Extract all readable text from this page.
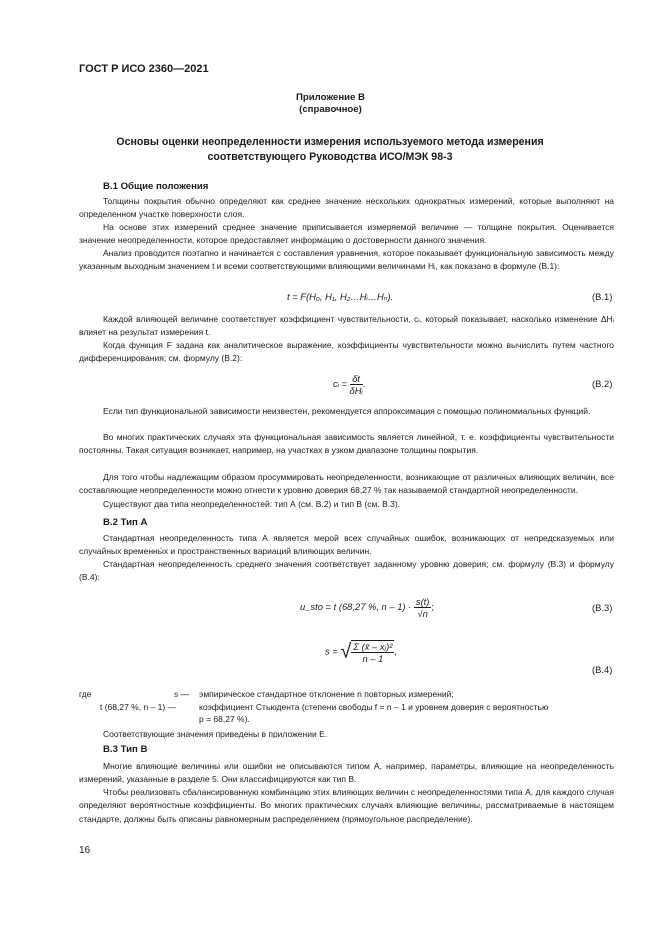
ГОСТ Р ИСО 2360—2021
Приложение В
(справочное)
Основы оценки неопределенности измерения используемого метода измерения
соответствующего Руководства ИСО/МЭК 98-3
В.1 Общие положения

Толщины покрытия обычно определяют как среднее значение нескольких однократных измерений, которые выполняют на определенном участке поверхности слоя.

На основе этих измерений среднее значение приписывается измеряемой величине — толщине покрытия. Оценивается значение неопределенности, которое предоставляет информацию о достоверности данного значения.

Анализ проводится поэтапно и начинается с составления уравнения, которое показывает функциональную зависимость между указанным выходным значением t и всеми соответствующими влияющими величинами Hᵢ, как показано в формуле (В.1):

t = F(H₀, H₁, H₂…Hᵢ…Hₙ).	(В.1)

Каждой влияющей величине соответствует коэффициент чувствительности, cᵢ, который показывает, насколько изменение ΔHᵢ влияет на результат измерения t.

Когда функция F задана как аналитическое выражение, коэффициенты чувствительности можно вычислить путем частного дифференцирования; см. формулу (В.2):

cᵢ = $\frac{\delta t}{\text{δHᵢ}}$ .	(В.2)

Если тип функциональной зависимости неизвестен, рекомендуется аппроксимация с помощью полиномиальных функций.

Во многих практических случаях эта функциональная зависимость является линейной, т. е. коэффициенты чувствительности постоянны. Такая ситуация возникает, например, на участках в узком диапазоне толщины покрытия.

Для того чтобы надлежащим образом просуммировать неопределенности, возникающие от различных влияющих величин, все составляющие неопределенности можно отнести к уровню доверия 68,27 % так называемой стандартной неопределенности.

Существуют два типа неопределенностей: тип А (см. В.2) и тип В (см. В.3).

В.2 Тип А

Стандартная неопределенность типа А является мерой всех случайных ошибок, возникающих от непредсказуемых или случайных временны́х и пространственных вариаций влияющих величин.

Стандартная неопределенность среднего значения соответствует заданному уровню доверия; см. формулу (В.3) и формулу (В.4):

u_sto = t (68,27 %, $n - 1) \cdot \frac{s(t)}{√n}$ ;	(В.3)
s = √ $\frac{\text{Σ (x̄ – xⱼ)²}}{n - 1}$ ,
(В.4)
где	s — эмпирическое стандартное отклонение n повторных измерений;
t (68,27 %, n – 1) —	коэффициент Стьюдента (степени свободы f = n – 1 и уровнем доверия с вероятностью
p = 68,27 %).

Соответствующие значения приведены в приложении Е.

В.3 Тип В

Многие влияющие величины или ошибки не описываются типом А, например, параметры, влияющие на неопределенность измерений, указанные в разделе 5. Они классифицируются как тип В.

Чтобы реализовать сбалансированную комбинацию этих влияющих величин с неопределенностями типа А, для каждого случая определяют вероятностные коэффициенты. Во многих практических случаях влияющие величины, рассматриваемые в настоящем стандарте, должны быть описаны равномерным распределением (прямоугольное распределение).

16
